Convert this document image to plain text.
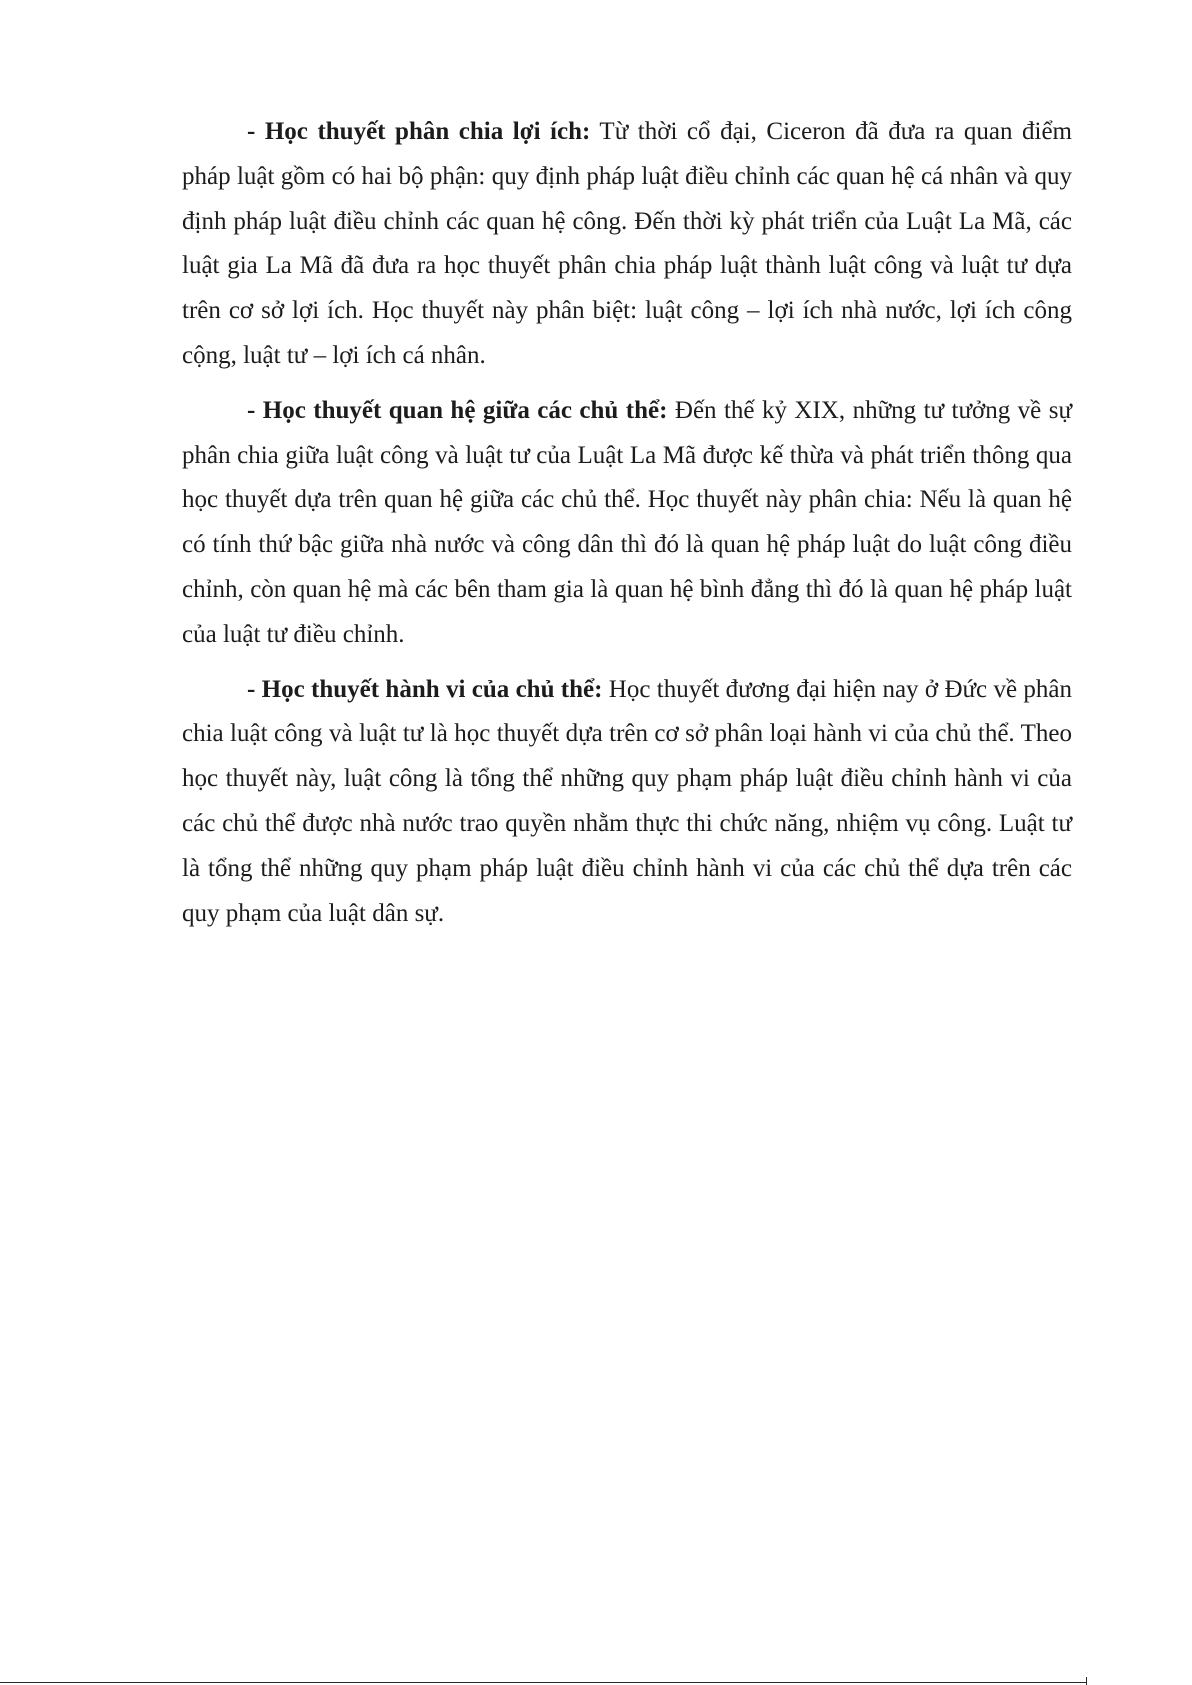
- Học thuyết phân chia lợi ích: Từ thời cổ đại, Ciceron đã đưa ra quan điểm pháp luật gồm có hai bộ phận: quy định pháp luật điều chỉnh các quan hệ cá nhân và quy định pháp luật điều chỉnh các quan hệ công. Đến thời kỳ phát triển của Luật La Mã, các luật gia La Mã đã đưa ra học thuyết phân chia pháp luật thành luật công và luật tư dựa trên cơ sở lợi ích. Học thuyết này phân biệt: luật công – lợi ích nhà nước, lợi ích công cộng, luật tư – lợi ích cá nhân.

- Học thuyết quan hệ giữa các chủ thể: Đến thế kỷ XIX, những tư tưởng về sự phân chia giữa luật công và luật tư của Luật La Mã được kế thừa và phát triển thông qua học thuyết dựa trên quan hệ giữa các chủ thể. Học thuyết này phân chia: Nếu là quan hệ có tính thứ bậc giữa nhà nước và công dân thì đó là quan hệ pháp luật do luật công điều chỉnh, còn quan hệ mà các bên tham gia là quan hệ bình đẳng thì đó là quan hệ pháp luật của luật tư điều chỉnh.

- Học thuyết hành vi của chủ thể: Học thuyết đương đại hiện nay ở Đức về phân chia luật công và luật tư là học thuyết dựa trên cơ sở phân loại hành vi của chủ thể. Theo học thuyết này, luật công là tổng thể những quy phạm pháp luật điều chỉnh hành vi của các chủ thể được nhà nước trao quyền nhằm thực thi chức năng, nhiệm vụ công. Luật tư là tổng thể những quy phạm pháp luật điều chỉnh hành vi của các chủ thể dựa trên các quy phạm của luật dân sự.
